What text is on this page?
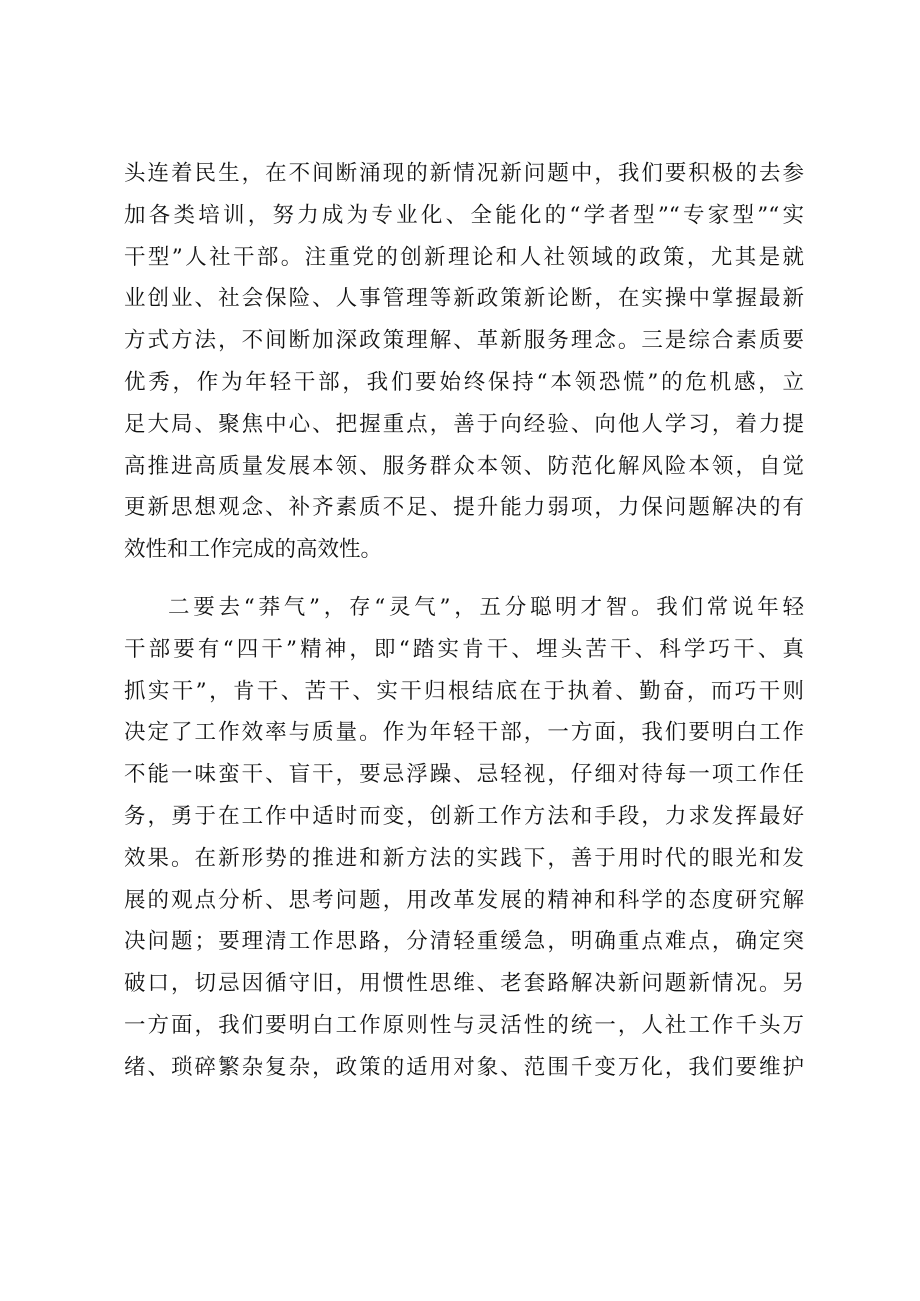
头连着民生，在不间断涌现的新情况新问题中，我们要积极的去参
加各类培训，努力成为专业化、全能化的“学者型”“专家型”“实
干型”人社干部。注重党的创新理论和人社领域的政策，尤其是就
业创业、社会保险、人事管理等新政策新论断，在实操中掌握最新
方式方法，不间断加深政策理解、革新服务理念。三是综合素质要
优秀，作为年轻干部，我们要始终保持“本领恐慌”的危机感，立
足大局、聚焦中心、把握重点，善于向经验、向他人学习，着力提
高推进高质量发展本领、服务群众本领、防范化解风险本领，自觉
更新思想观念、补齐素质不足、提升能力弱项，力保问题解决的有
效性和工作完成的高效性。
二要去“莽气”，存“灵气”，五分聪明才智。我们常说年轻
干部要有“四干”精神，即“踏实肯干、埋头苦干、科学巧干、真
抓实干”，肯干、苦干、实干归根结底在于执着、勤奋，而巧干则
决定了工作效率与质量。作为年轻干部，一方面，我们要明白工作
不能一味蛮干、盲干，要忌浮躁、忌轻视，仔细对待每一项工作任
务，勇于在工作中适时而变，创新工作方法和手段，力求发挥最好
效果。在新形势的推进和新方法的实践下，善于用时代的眼光和发
展的观点分析、思考问题，用改革发展的精神和科学的态度研究解
决问题；要理清工作思路，分清轻重缓急，明确重点难点，确定突
破口，切忌因循守旧，用惯性思维、老套路解决新问题新情况。另
一方面，我们要明白工作原则性与灵活性的统一，人社工作千头万
绪、琐碎繁杂复杂，政策的适用对象、范围千变万化，我们要维护
